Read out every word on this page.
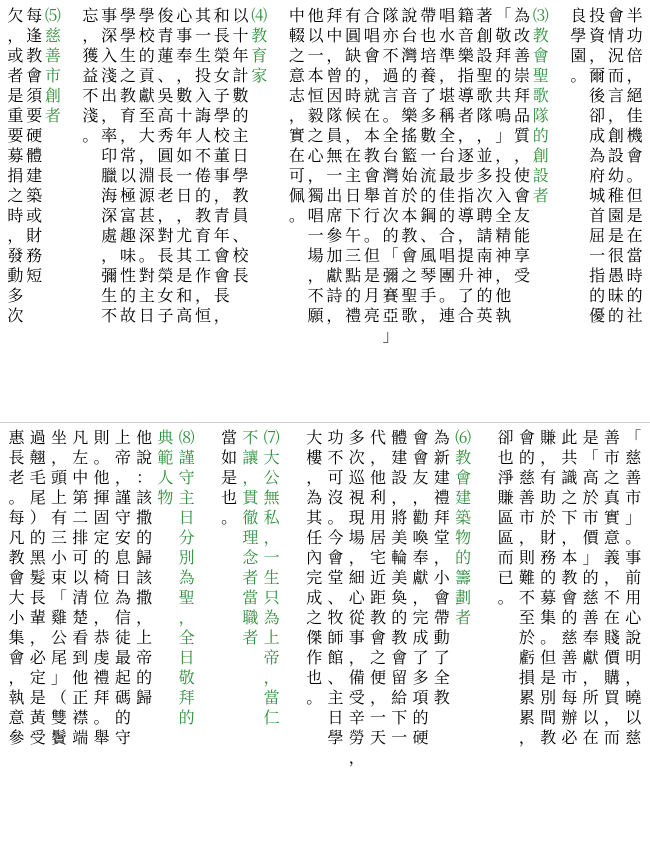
半
功
倍
，
絕
佳
機
會
。
但
是
在
當
時
的
社
會
情
況
而
言
，
創
設
幼
稚
園
是
很
愚
昧
的
投
資
，
爾
後
卻
成
為
府
城
首
屈
一
指
的
優
良
學
園
。
⑶
教
會
聖
歌
隊
的
創
設
者
為
改
善
崇
拜
品
質
，
使
會
友
能
享
受
「
敬
拜
的
共
鳴
」
，
投
入
全
精
神
，
他
執
著
創
設
聖
歌
隊
，
並
多
次
聘
請
南
神
的
英
籍
音
樂
指
導
者
，
逐
步
指
導
，
提
升
了
合
唱
水
準
，
堪
稱
全
台
最
佳
的
合
唱
團
。
連
帶
也
培
養
了
多
數
一
流
的
鋼
、
風
琴
手
，
說
台
灣
的
音
樂
搖
籃
始
於
本
教
會
之
聖
歌
隊
亦
不
過
言
。
全
台
灣
首
次
的
「
彌
賽
亞
」
合
唱
會
，
就
在
本
教
會
舉
行
。
但
是
月
亮
有
圓
缺
的
時
候
，
在
主
日
下
午
三
點
的
禮
拜
中
，
曾
因
隊
員
無
一
出
席
參
加
獻
詩
，
他
以
一
本
恒
毅
之
心
，
獨
唱
一
場
，
不
願
中
輟
之
意
志
，
實
在
可
佩
。
⑷
教
育
家
以
十
年
計
數
的
主
日
學
教
員
、
校
長
和
長
榮
女
子
學
校
董
事
，
青
年
會
會
長
，
其
一
生
投
入
誨
人
不
倦
的
教
育
工
作
，
恒
心
事
奉
，
數
十
年
如
一
日
，
尤
其
是
和
高
俊
青
蓮
、
吳
高
秀
圓
長
老
，
對
長
榮
女
子
學
校
的
貢
獻
至
大
，
淵
源
甚
深
。
對
主
日
學
學
生
之
教
育
，
常
以
極
富
趣
味
性
的
故
事
深
入
淺
出
，
率
印
臘
海
深
處
，
彌
生
不
忘
，
獲
益
不
淺
。
⑸
慈
善
市
創
者
每
逢
教
會
須
要
硬
體
建
築
或
財
務
短
欠
，
或
者
是
重
要
募
捐
之
時
，
發
動
多
次
「
慈
善
市
」
。
事
前
用
心
說
明
，
曉
以
慈
善
市
之
真
實
意
義
，
不
在
賤
價
購
買
，
而
是
「
高
於
市
價
」
的
慈
善
奉
獻
，
所
以
在
此
共
識
之
下
，
本
教
會
的
慈
善
市
每
辦
必
賺
，
有
助
於
財
務
的
募
集
。
但
是
別
間
教
會
的
慈
善
市
，
則
難
不
至
於
虧
損
累
累
，
卻
也
淨
賺
區
區
而
已
。
⑹
教
會
建
築
物
的
籌
劃
者
為
新
建
禮
拜
堂
，
小
會
帶
動
了
全
教
會
會
友
，
勸
喚
奉
獻
，
完
成
了
多
項
的
硬
體
建
設
，
將
美
輪
美
奐
的
教
會
留
給
下
一
代
，
他
利
用
居
宅
近
距
教
會
之
便
，
一
天
多
次
巡
視
現
場
，
細
心
從
事
，
備
受
辛
勞
，
功
不
可
沒
。
今
會
堂
、
牧
師
館
、
主
日
學
大
樓
，
為
其
任
內
完
成
之
傑
作
也
。
⑺
大
公
無
私
，
一
生
只
為
上
帝
，
當
仁
不
讓
，
貫
徹
理
念
者
當
職
者
當
如
是
也
。
⑻
謹
守
主
日
分
別
為
聖
，
全
日
敬
拜
的
典
範
人
物
他
說
：
該
撒
的
歸
該
撒
，
上
帝
的
歸
上
帝
，
謹
守
安
息
日
為
信
徒
最
起
碼
的
守
則
。
他
揮
固
定
的
椅
位
，
恭
虔
禮
拜
。
舉
凡
左
中
第
二
排
可
以
清
楚
看
到
他
正
襟
端
坐
，
頭
上
有
三
小
束
「
雞
公
尾
」
（
雙
鬢
過
翹
毛
尾
）
的
黑
髮
長
輩
，
必
定
是
黃
受
惠
長
老
。
每
凡
教
會
大
小
集
會
，
執
意
參
